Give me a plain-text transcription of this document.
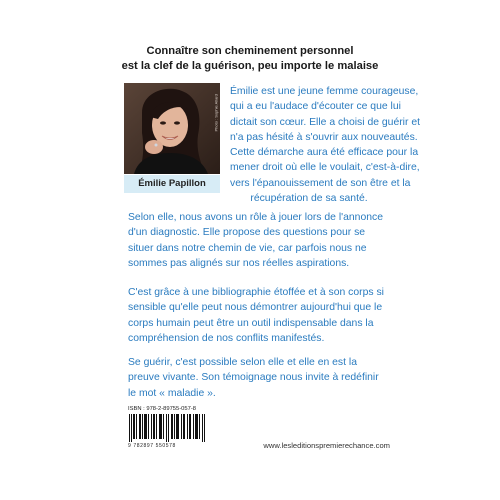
Connaître son cheminement personnel
est la clef de la guérison, peu importe le malaise
Émilie Papillon
Émilie est une jeune femme courageuse,
qui a eu l'audace d'écouter ce que lui
dictait son cœur. Elle a choisi de guérir et
n'a pas hésité à s'ouvrir aux nouveautés.
Cette démarche aura été efficace pour la
mener droit où elle le voulait, c'est-à-dire,
vers l'épanouissement de son être et la
récupération de sa santé.
Selon elle, nous avons un rôle à jouer lors de l'annonce
d'un diagnostic. Elle propose des questions pour se
situer dans notre chemin de vie, car parfois nous ne
sommes pas alignés sur nos réelles aspirations.
C'est grâce à une bibliographie étoffée et à son corps si
sensible qu'elle peut nous démontrer aujourd'hui que le
corps humain peut être un outil indispensable dans la
compréhension de nos conflits manifestés.
Se guérir, c'est possible selon elle et elle en est la
preuve vivante. Son témoignage nous invite à redéfinir
le mot « maladie ».
ISBN : 978-2-89755-057-8
9 782897 550578	www.lesleditionspremierechance.com
